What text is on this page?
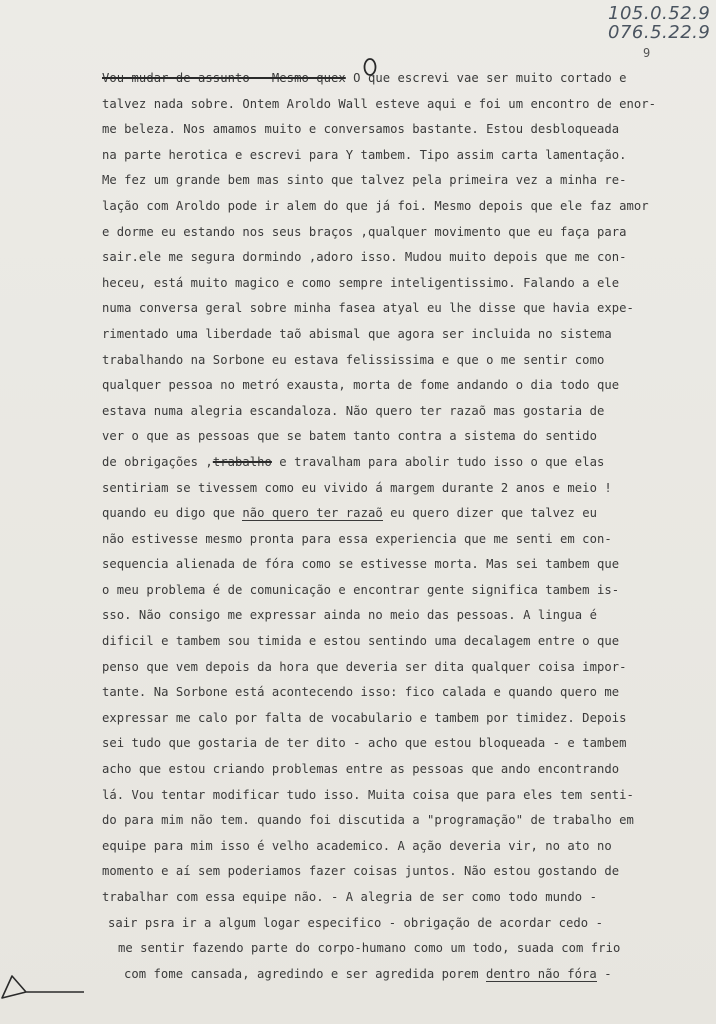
105.0.52.9
076.5.22.9
9
Vou mudar de assunto - Mesmo quex O que escrevi vae ser muito cortado e
talvez nada sobre. Ontem Aroldo Wall esteve aqui e foi um encontro de enor-
me beleza. Nos amamos muito e conversamos bastante. Estou desbloqueada
na parte herotica e escrevi para Y tambem. Tipo assim carta lamentação.
Me fez um grande bem mas sinto que talvez pela primeira vez a minha re-
lação com Aroldo pode ir alem do que já foi. Mesmo depois que ele faz amor
e dorme eu estando nos seus braços ,qualquer movimento que eu faça para
sair.ele me segura dormindo ,adoro isso. Mudou muito depois que me con-
heceu, está muito magico e como sempre inteligentissimo. Falando a ele
numa conversa geral sobre minha fasea atyal eu lhe disse que havia expe-
rimentado uma liberdade taõ abismal que agora ser incluida no sistema
trabalhando na Sorbone eu estava felississima e que o me sentir como
qualquer pessoa no metró exausta, morta de fome andando o dia todo que
estava numa alegria escandaloza. Não quero ter razaõ mas gostaria de
ver o que as pessoas que se batem tanto contra a sistema do sentido
de obrigações ,trabalho e travalham para abolir tudo isso o que elas
sentiriam se tivessem como eu vivido á margem durante 2 anos e meio !
quando eu digo que não quero ter razaõ eu quero dizer que talvez eu
não estivesse mesmo pronta para essa experiencia que me senti em con-
sequencia alienada de fóra como se estivesse morta. Mas sei tambem que
o meu problema é de comunicação e encontrar gente significa tambem is-
sso. Não consigo me expressar ainda no meio das pessoas. A lingua é
dificil e tambem sou timida e estou sentindo uma decalagem entre o que
penso que vem depois da hora que deveria ser dita qualquer coisa impor-
tante. Na Sorbone está acontecendo isso: fico calada e quando quero me
expressar me calo por falta de vocabulario e tambem por timidez. Depois
sei tudo que gostaria de ter dito - acho que estou bloqueada - e tambem
acho que estou criando problemas entre as pessoas que ando encontrando
lá. Vou tentar modificar tudo isso. Muita coisa que para eles tem senti-
do para mim não tem. quando foi discutida a "programação" de trabalho em
equipe para mim isso é velho academico. A ação deveria vir, no ato no
momento e aí sem poderiamos fazer coisas juntos. Não estou gostando de
trabalhar com essa equipe não. - A alegria de ser como todo mundo -
sair psra ir a algum logar especifico - obrigação de acordar cedo -
me sentir fazendo parte do corpo-humano como um todo, suada com frio
com fome cansada, agredindo e ser agredida porem dentro não fóra -
